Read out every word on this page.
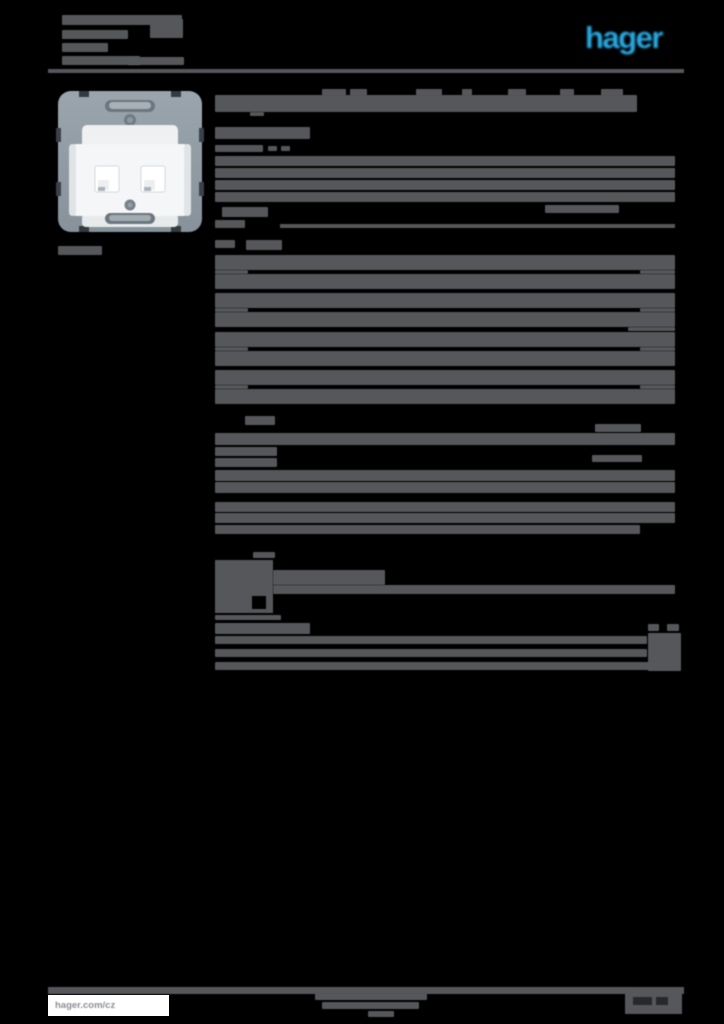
hager
hager.com/cz
